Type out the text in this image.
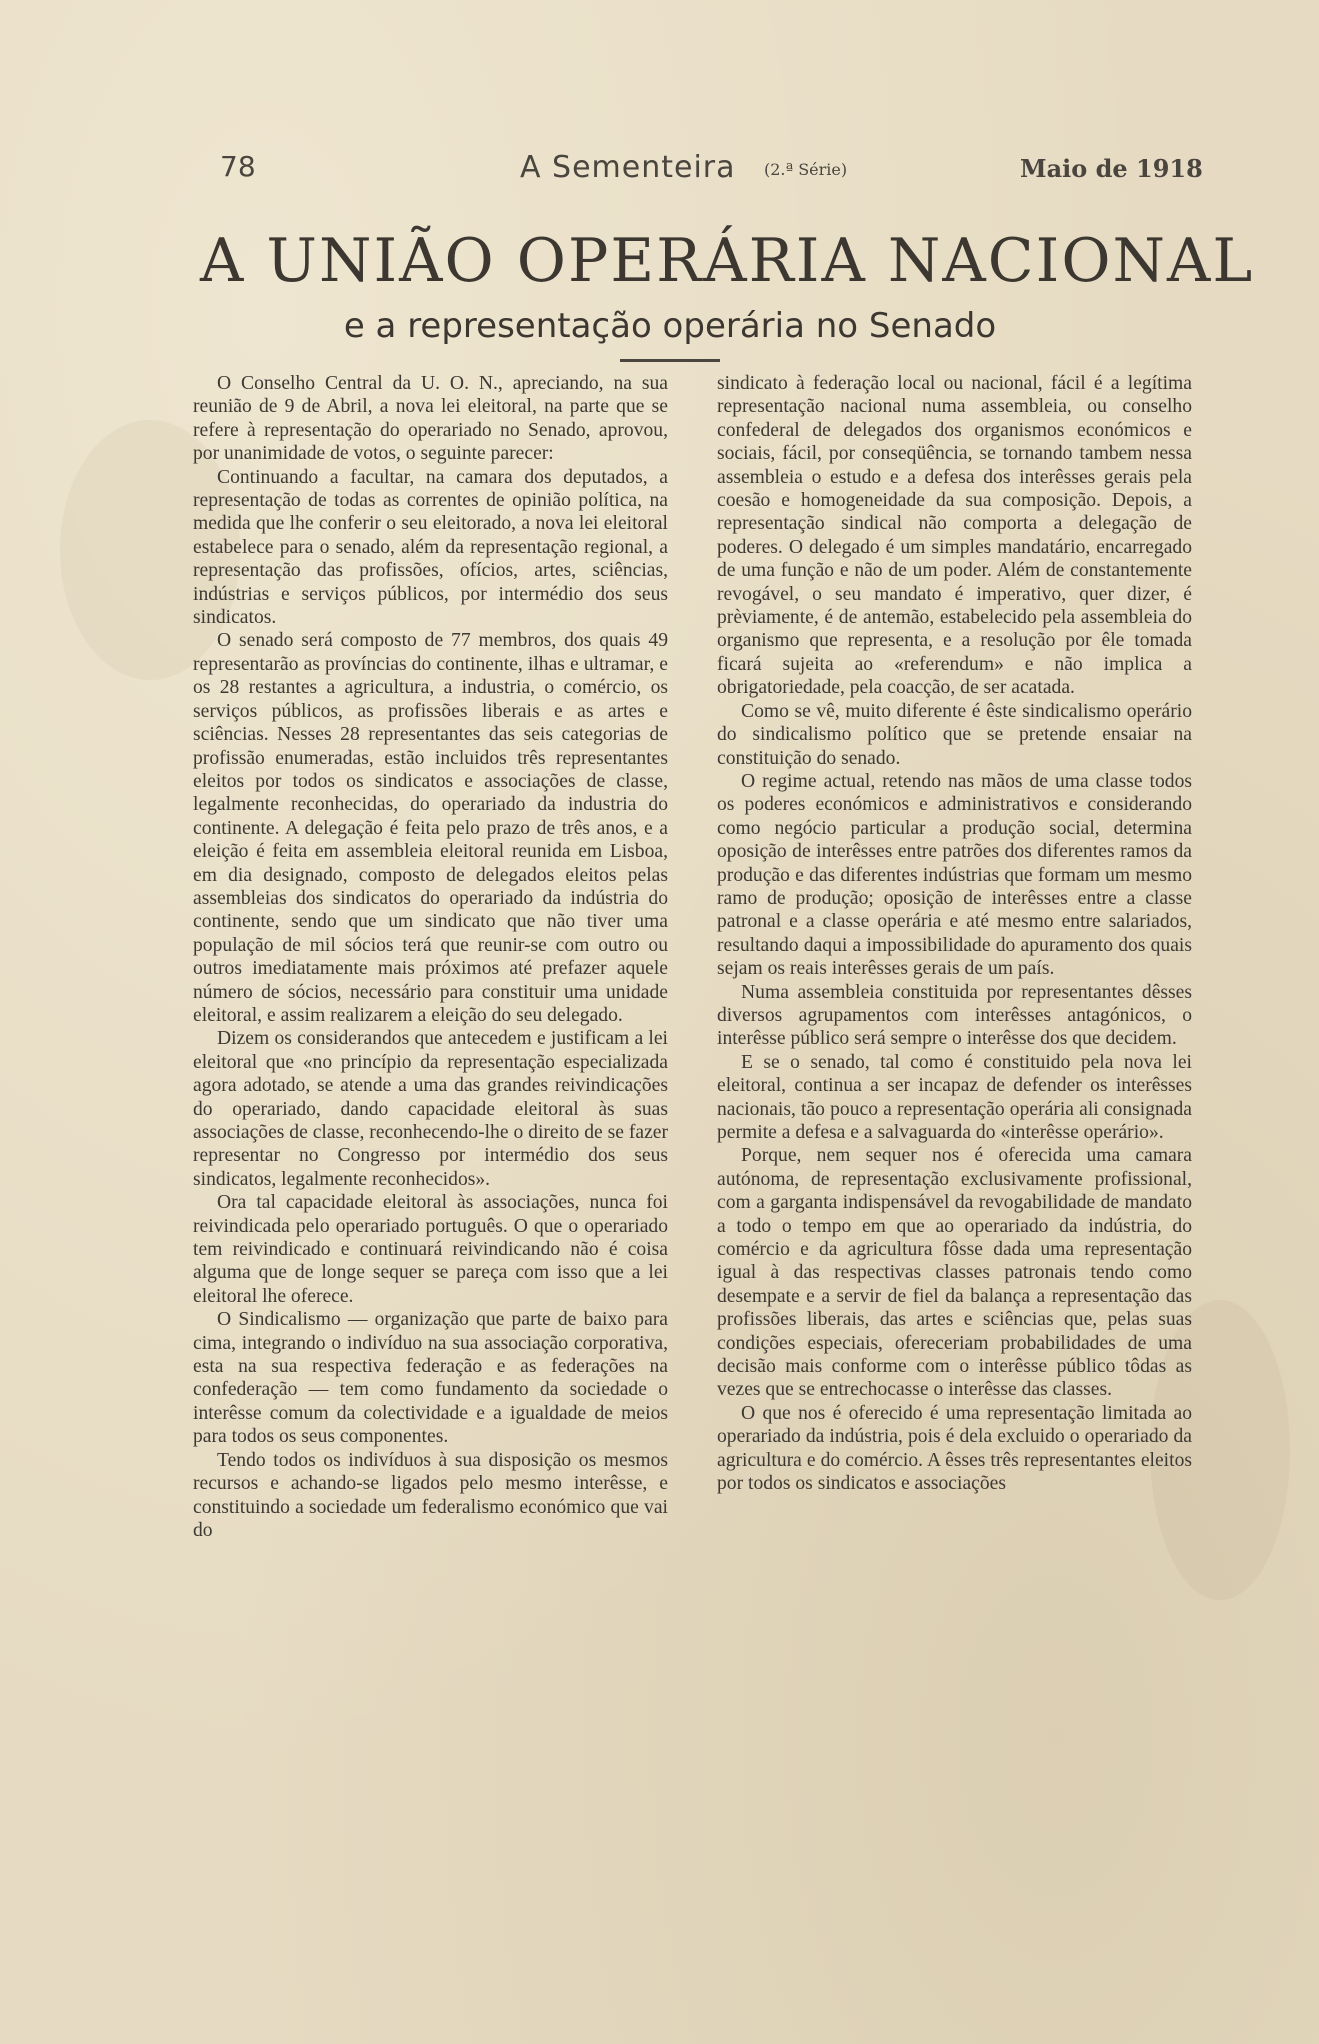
78	A Sementeira (2.ª Série)	Maio de 1918
A UNIÃO OPERÁRIA NACIONAL
e a representação operária no Senado

O Conselho Central da U. O. N., apreciando, na sua reunião de 9 de Abril, a nova lei eleitoral, na parte que se refere à representação do operariado no Senado, aprovou, por unanimidade de votos, o seguinte parecer:

Continuando a facultar, na camara dos deputados, a representação de todas as correntes de opinião política, na medida que lhe conferir o seu eleitorado, a nova lei eleitoral estabelece para o senado, além da representação regional, a representação das profissões, ofícios, artes, sciências, indústrias e serviços públicos, por intermédio dos seus sindicatos.

O senado será composto de 77 membros, dos quais 49 representarão as províncias do continente, ilhas e ultramar, e os 28 restantes a agricultura, a industria, o comércio, os serviços públicos, as profissões liberais e as artes e sciências. Nesses 28 representantes das seis categorias de profissão enumeradas, estão incluidos três representantes eleitos por todos os sindicatos e associações de classe, legalmente reconhecidas, do operariado da industria do continente. A delegação é feita pelo prazo de três anos, e a eleição é feita em assembleia eleitoral reunida em Lisboa, em dia designado, composto de delegados eleitos pelas assembleias dos sindicatos do operariado da indústria do continente, sendo que um sindicato que não tiver uma população de mil sócios terá que reunir-se com outro ou outros imediatamente mais próximos até prefazer aquele número de sócios, necessário para constituir uma unidade eleitoral, e assim realizarem a eleição do seu delegado.

Dizem os considerandos que antecedem e justificam a lei eleitoral que «no princípio da representação especializada agora adotado, se atende a uma das grandes reivindicações do operariado, dando capacidade eleitoral às suas associações de classe, reconhecendo-lhe o direito de se fazer representar no Congresso por intermédio dos seus sindicatos, legalmente reconhecidos».

Ora tal capacidade eleitoral às associações, nunca foi reivindicada pelo operariado português. O que o operariado tem reivindicado e continuará reivindicando não é coisa alguma que de longe sequer se pareça com isso que a lei eleitoral lhe oferece.

O Sindicalismo — organização que parte de baixo para cima, integrando o indivíduo na sua associação corporativa, esta na sua respectiva federação e as federações na confederação — tem como fundamento da sociedade o interêsse comum da colectividade e a igualdade de meios para todos os seus componentes.

Tendo todos os indivíduos à sua disposição os mesmos recursos e achando-se ligados pelo mesmo interêsse, e constituindo a sociedade um federalismo económico que vai do

sindicato à federação local ou nacional, fácil é a legítima representação nacional numa assembleia, ou conselho confederal de delegados dos organismos económicos e sociais, fácil, por conseqüência, se tornando tambem nessa assembleia o estudo e a defesa dos interêsses gerais pela coesão e homogeneidade da sua composição. Depois, a representação sindical não comporta a delegação de poderes. O delegado é um simples mandatário, encarregado de uma função e não de um poder. Além de constantemente revogável, o seu mandato é imperativo, quer dizer, é prèviamente, é de antemão, estabelecido pela assembleia do organismo que representa, e a resolução por êle tomada ficará sujeita ao «referendum» e não implica a obrigatoriedade, pela coacção, de ser acatada.

Como se vê, muito diferente é êste sindicalismo operário do sindicalismo político que se pretende ensaiar na constituição do senado.

O regime actual, retendo nas mãos de uma classe todos os poderes económicos e administrativos e considerando como negócio particular a produção social, determina oposição de interêsses entre patrões dos diferentes ramos da produção e das diferentes indústrias que formam um mesmo ramo de produção; oposição de interêsses entre a classe patronal e a classe operária e até mesmo entre salariados, resultando daqui a impossibilidade do apuramento dos quais sejam os reais interêsses gerais de um país.

Numa assembleia constituida por representantes dêsses diversos agrupamentos com interêsses antagónicos, o interêsse público será sempre o interêsse dos que decidem.

E se o senado, tal como é constituido pela nova lei eleitoral, continua a ser incapaz de defender os interêsses nacionais, tão pouco a representação operária ali consignada permite a defesa e a salvaguarda do «interêsse operário».

Porque, nem sequer nos é oferecida uma camara autónoma, de representação exclusivamente profissional, com a garganta indispensável da revogabilidade de mandato a todo o tempo em que ao operariado da indústria, do comércio e da agricultura fôsse dada uma representação igual à das respectivas classes patronais tendo como desempate e a servir de fiel da balança a representação das profissões liberais, das artes e sciências que, pelas suas condições especiais, ofereceriam probabilidades de uma decisão mais conforme com o interêsse público tôdas as vezes que se entrechocasse o interêsse das classes.

O que nos é oferecido é uma representação limitada ao operariado da indústria, pois é dela excluido o operariado da agricultura e do comércio. A êsses três representantes eleitos por todos os sindicatos e associações
